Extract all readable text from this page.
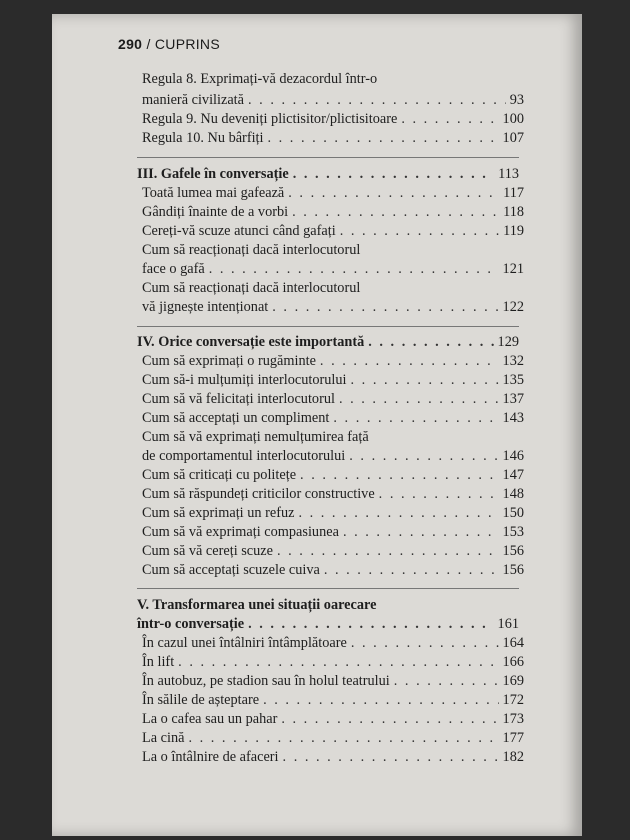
290 / CUPRINS
Regula 8. Exprimați-vă dezacordul într-o
manieră civilizată . . .	93
Regula 9. Nu deveniți plictisitor/plictisitoare . . .	100
Regula 10. Nu bârfiți . . .	107
III. Gafele în conversație . . .	113
Toată lumea mai gafează . . .	117
Gândiți înainte de a vorbi . . .	118
Cereți-vă scuze atunci când gafați . . .	119
Cum să reacționați dacă interlocutorul
face o gafă . . .	121
Cum să reacționați dacă interlocutorul
vă jignește intenționat . . .	122
IV. Orice conversație este importantă . . .	129
Cum să exprimați o rugăminte . . .	132
Cum să-i mulțumiți interlocutorului . . .	135
Cum să vă felicitați interlocutorul . . .	137
Cum să acceptați un compliment . . .	143
Cum să vă exprimați nemulțumirea față
de comportamentul interlocutorului . . .	146
Cum să criticați cu politețe . . .	147
Cum să răspundeți criticilor constructive . . .	148
Cum să exprimați un refuz . . .	150
Cum să vă exprimați compasiunea . . .	153
Cum să vă cereți scuze . . .	156
Cum să acceptați scuzele cuiva . . .	156
V. Transformarea unei situații oarecare
într-o conversație . . .	161
În cazul unei întâlniri întâmplătoare . . .	164
În lift . . .	166
În autobuz, pe stadion sau în holul teatrului . . .	169
În sălile de așteptare . . .	172
La o cafea sau un pahar . . .	173
La cină . . .	177
La o întâlnire de afaceri . . .	182
